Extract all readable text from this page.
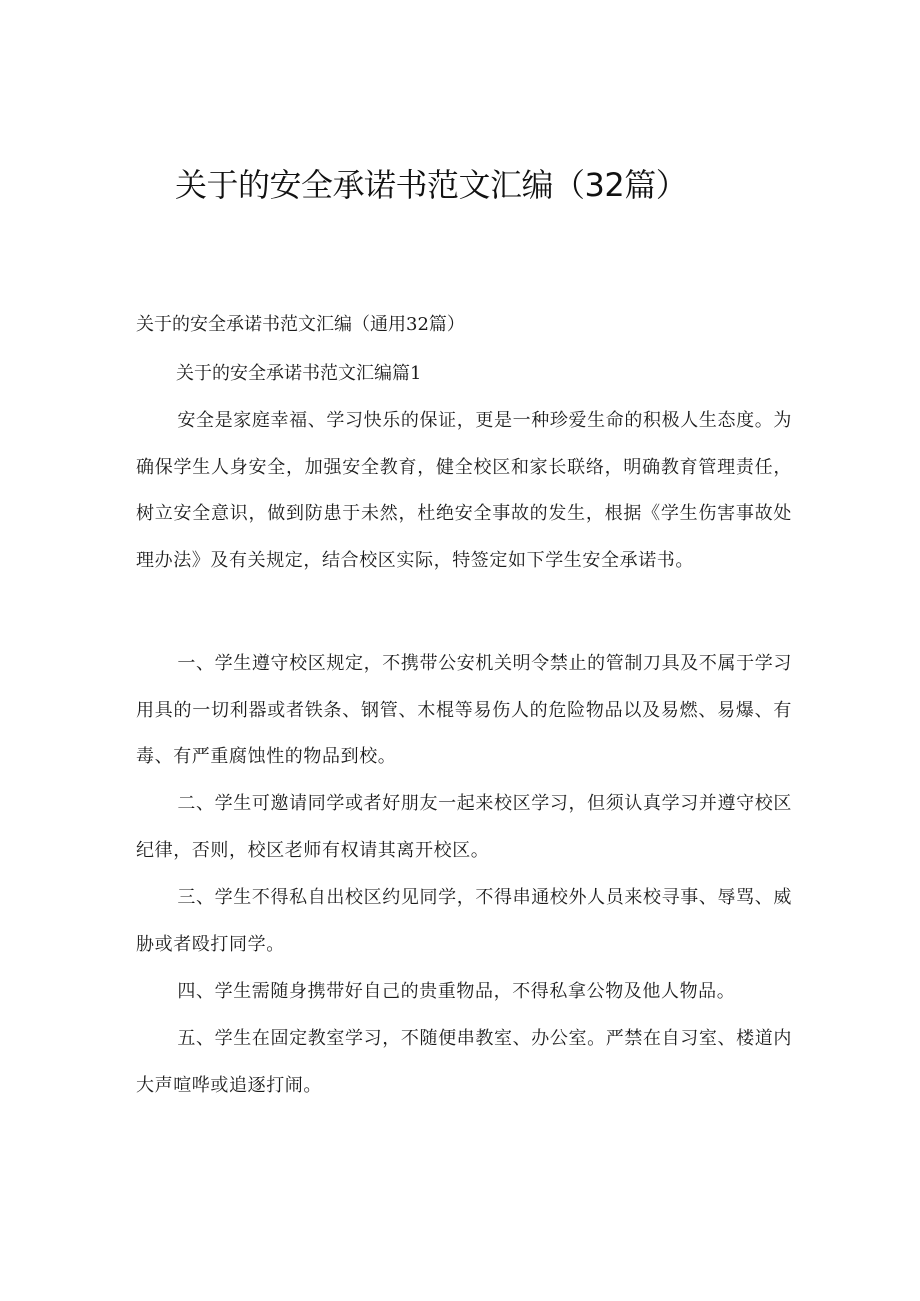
关于的安全承诺书范文汇编（32篇）

关于的安全承诺书范文汇编（通用32篇）

关于的安全承诺书范文汇编篇1

安全是家庭幸福、学习快乐的保证，更是一种珍爱生命的积极人生态度。为确保学生人身安全，加强安全教育，健全校区和家长联络，明确教育管理责任，树立安全意识，做到防患于未然，杜绝安全事故的发生，根据《学生伤害事故处理办法》及有关规定，结合校区实际，特签定如下学生安全承诺书。

一、学生遵守校区规定，不携带公安机关明令禁止的管制刀具及不属于学习用具的一切利器或者铁条、钢管、木棍等易伤人的危险物品以及易燃、易爆、有毒、有严重腐蚀性的物品到校。

二、学生可邀请同学或者好朋友一起来校区学习，但须认真学习并遵守校区纪律，否则，校区老师有权请其离开校区。

三、学生不得私自出校区约见同学，不得串通校外人员来校寻事、辱骂、威胁或者殴打同学。

四、学生需随身携带好自己的贵重物品，不得私拿公物及他人物品。

五、学生在固定教室学习，不随便串教室、办公室。严禁在自习室、楼道内大声喧哗或追逐打闹。
